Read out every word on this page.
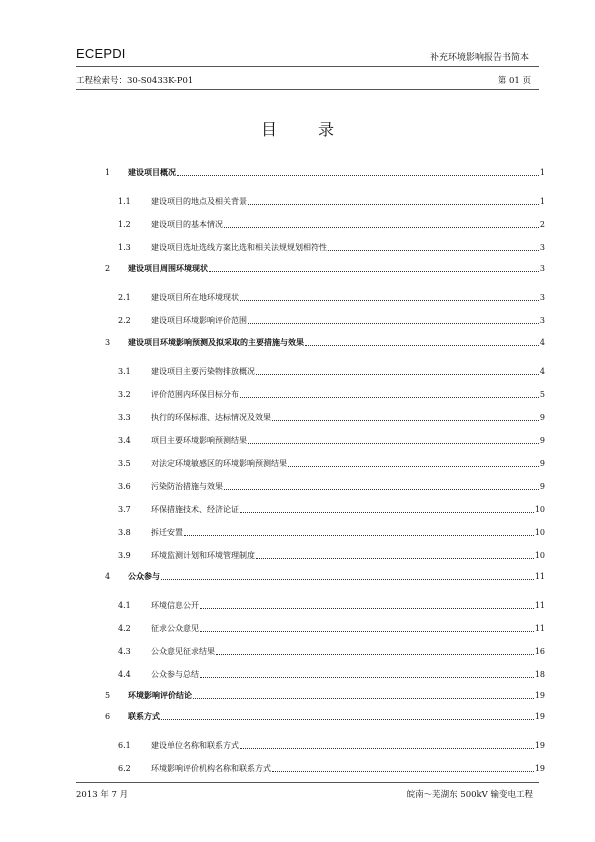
ECEPDI	补充环境影响报告书简本
工程检索号：30-S0433K-P01	第 01 页
目 录
1 建设项目概况	1
1.1	建设项目的地点及相关背景	1
1.2	建设项目的基本情况	2
1.3	建设项目选址选线方案比选和相关法规规划相符性	3
2 建设项目周围环境现状	3
2.1	建设项目所在地环境现状	3
2.2	建设项目环境影响评价范围	3
3 建设项目环境影响预测及拟采取的主要措施与效果	4
3.1	建设项目主要污染物排放概况	4
3.2	评价范围内环保目标分布	5
3.3	执行的环保标准、达标情况及效果	9
3.4	项目主要环境影响预测结果	9
3.5	对法定环境敏感区的环境影响预测结果	9
3.6	污染防治措施与效果	9
3.7	环保措施技术、经济论证	10
3.8	拆迁安置	10
3.9	环境监测计划和环境管理制度	10
4 公众参与	11
4.1	环境信息公开	11
4.2	征求公众意见	11
4.3	公众意见征求结果	16
4.4	公众参与总结	18
5 环境影响评价结论	19
6 联系方式	19
6.1	建设单位名称和联系方式	19
6.2	环境影响评价机构名称和联系方式	19
2013 年 7 月	皖南～芜湖东 500kV 输变电工程
